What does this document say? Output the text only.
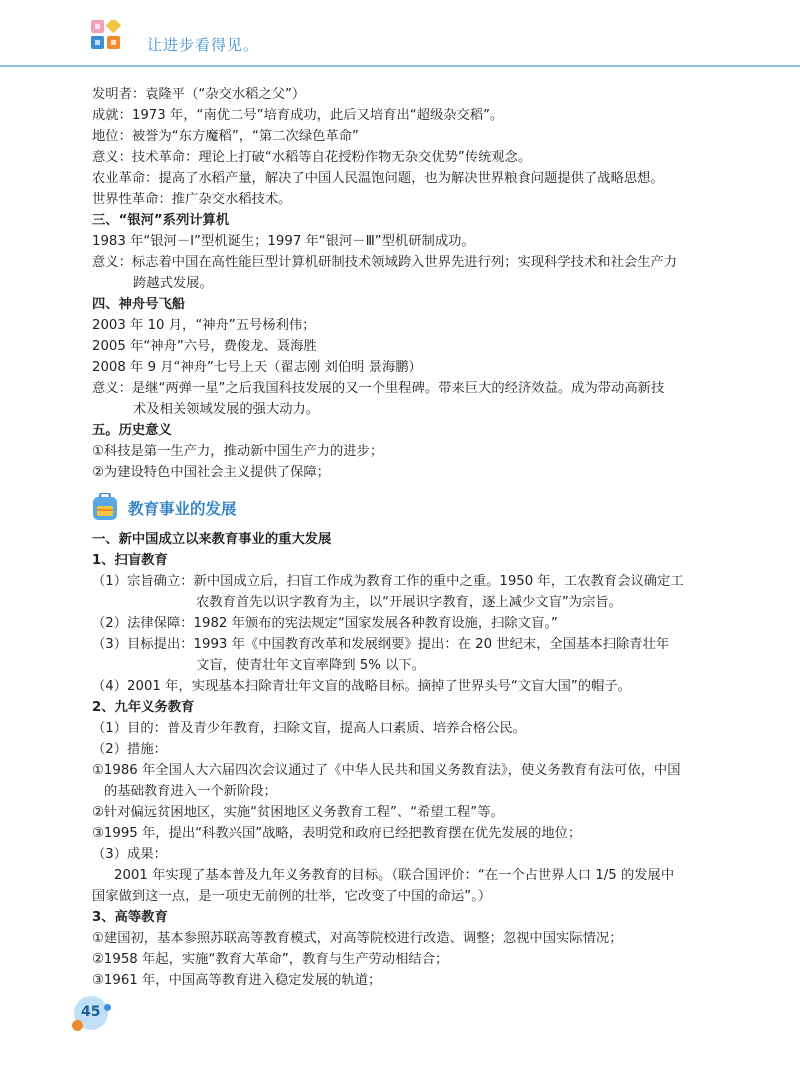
让进步看得见。
发明者：袁隆平（“杂交水稻之父”）
成就：1973 年，“南优二号”培育成功，此后又培育出“超级杂交稻”。
地位：被誉为“东方魔稻”，“第二次绿色革命”
意义：技术革命：理论上打破“水稻等自花授粉作物无杂交优势”传统观念。
农业革命：提高了水稻产量，解决了中国人民温饱问题，也为解决世界粮食问题提供了战略思想。
世界性革命：推广杂交水稻技术。
三、“银河”系列计算机
1983 年“银河－Ⅰ”型机诞生；1997 年“银河－Ⅲ”型机研制成功。
意义：标志着中国在高性能巨型计算机研制技术领域跨入世界先进行列；实现科学技术和社会生产力
跨越式发展。
四、神舟号飞船
2003 年 10 月，“神舟”五号杨利伟；
2005 年“神舟”六号，费俊龙、聂海胜
2008 年 9 月“神舟”七号上天（翟志刚 刘伯明 景海鹏）
意义：是继“两弹一星”之后我国科技发展的又一个里程碑。带来巨大的经济效益。成为带动高新技
术及相关领域发展的强大动力。
五。历史意义
①科技是第一生产力，推动新中国生产力的进步；
②为建设特色中国社会主义提供了保障；
教育事业的发展
一、新中国成立以来教育事业的重大发展
1、扫盲教育
（1）宗旨确立：新中国成立后，扫盲工作成为教育工作的重中之重。1950 年，工农教育会议确定工
农教育首先以识字教育为主，以“开展识字教育，逐上减少文盲”为宗旨。
（2）法律保障：1982 年颁布的宪法规定“国家发展各种教育设施，扫除文盲。”
（3）目标提出：1993 年《中国教育改革和发展纲要》提出：在 20 世纪末，全国基本扫除青壮年
文盲，使青壮年文盲率降到 5% 以下。
（4）2001 年，实现基本扫除青壮年文盲的战略目标。摘掉了世界头号“文盲大国”的帽子。
2、九年义务教育
（1）目的：普及青少年教育，扫除文盲，提高人口素质、培养合格公民。
（2）措施：
①1986 年全国人大六届四次会议通过了《中华人民共和国义务教育法》，使义务教育有法可依，中国
的基础教育进入一个新阶段；
②针对偏远贫困地区，实施“贫困地区义务教育工程”、“希望工程”等。
③1995 年，提出“科教兴国”战略，表明党和政府已经把教育摆在优先发展的地位；
（3）成果：
2001 年实现了基本普及九年义务教育的目标。（联合国评价：“在一个占世界人口 1/5 的发展中
国家做到这一点，是一项史无前例的壮举，它改变了中国的命运”。）
3、高等教育
①建国初，基本参照苏联高等教育模式，对高等院校进行改造、调整；忽视中国实际情况；
②1958 年起，实施“教育大革命”，教育与生产劳动相结合；
③1961 年，中国高等教育进入稳定发展的轨道；
45
